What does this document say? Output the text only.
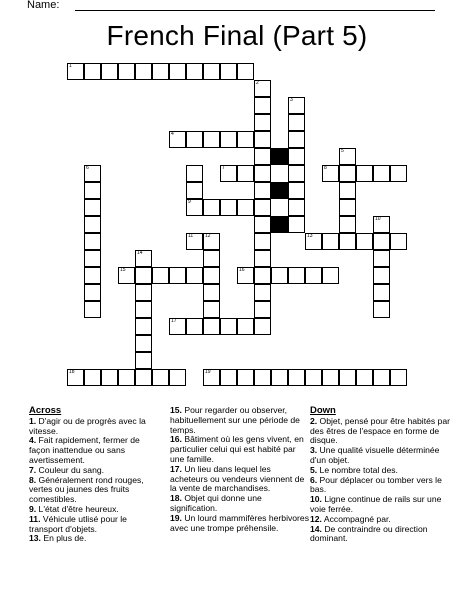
Name:
French Final (Part 5)
1
2
3
4
5
6	7	8
9
10
11 12	13
14
15	16
17
18	19
Across

1. D'agir ou de progrès avec la vitesse.

4. Fait rapidement, fermer de façon inattendue ou sans avertissement.

7. Couleur du sang.

8. Généralement rond rouges, vertes ou jaunes des fruits comestibles.

9. L'état d'être heureux.

11. Véhicule utlisé pour le transport d'objets.

13. En plus de.

15. Pour regarder ou observer, habituellement sur une période de temps.

16. Bâtiment où les gens vivent, en particulier celui qui est habité par une famille.

17. Un lieu dans lequel les acheteurs ou vendeurs viennent de la vente de marchandises.

18. Objet qui donne une signification.

19. Un lourd mammifères herbivores avec une trompe préhensile.

Down

2. Objet, pensé pour être habités par des êtres de l'espace en forme de disque.

3. Une qualité visuelle déterminée d'un objet.

5. Le nombre total des.

6. Pour déplacer ou tomber vers le bas.

10. Ligne continue de rails sur une voie ferrée.

12. Accompagné par.

14. De contraindre ou direction dominant.
